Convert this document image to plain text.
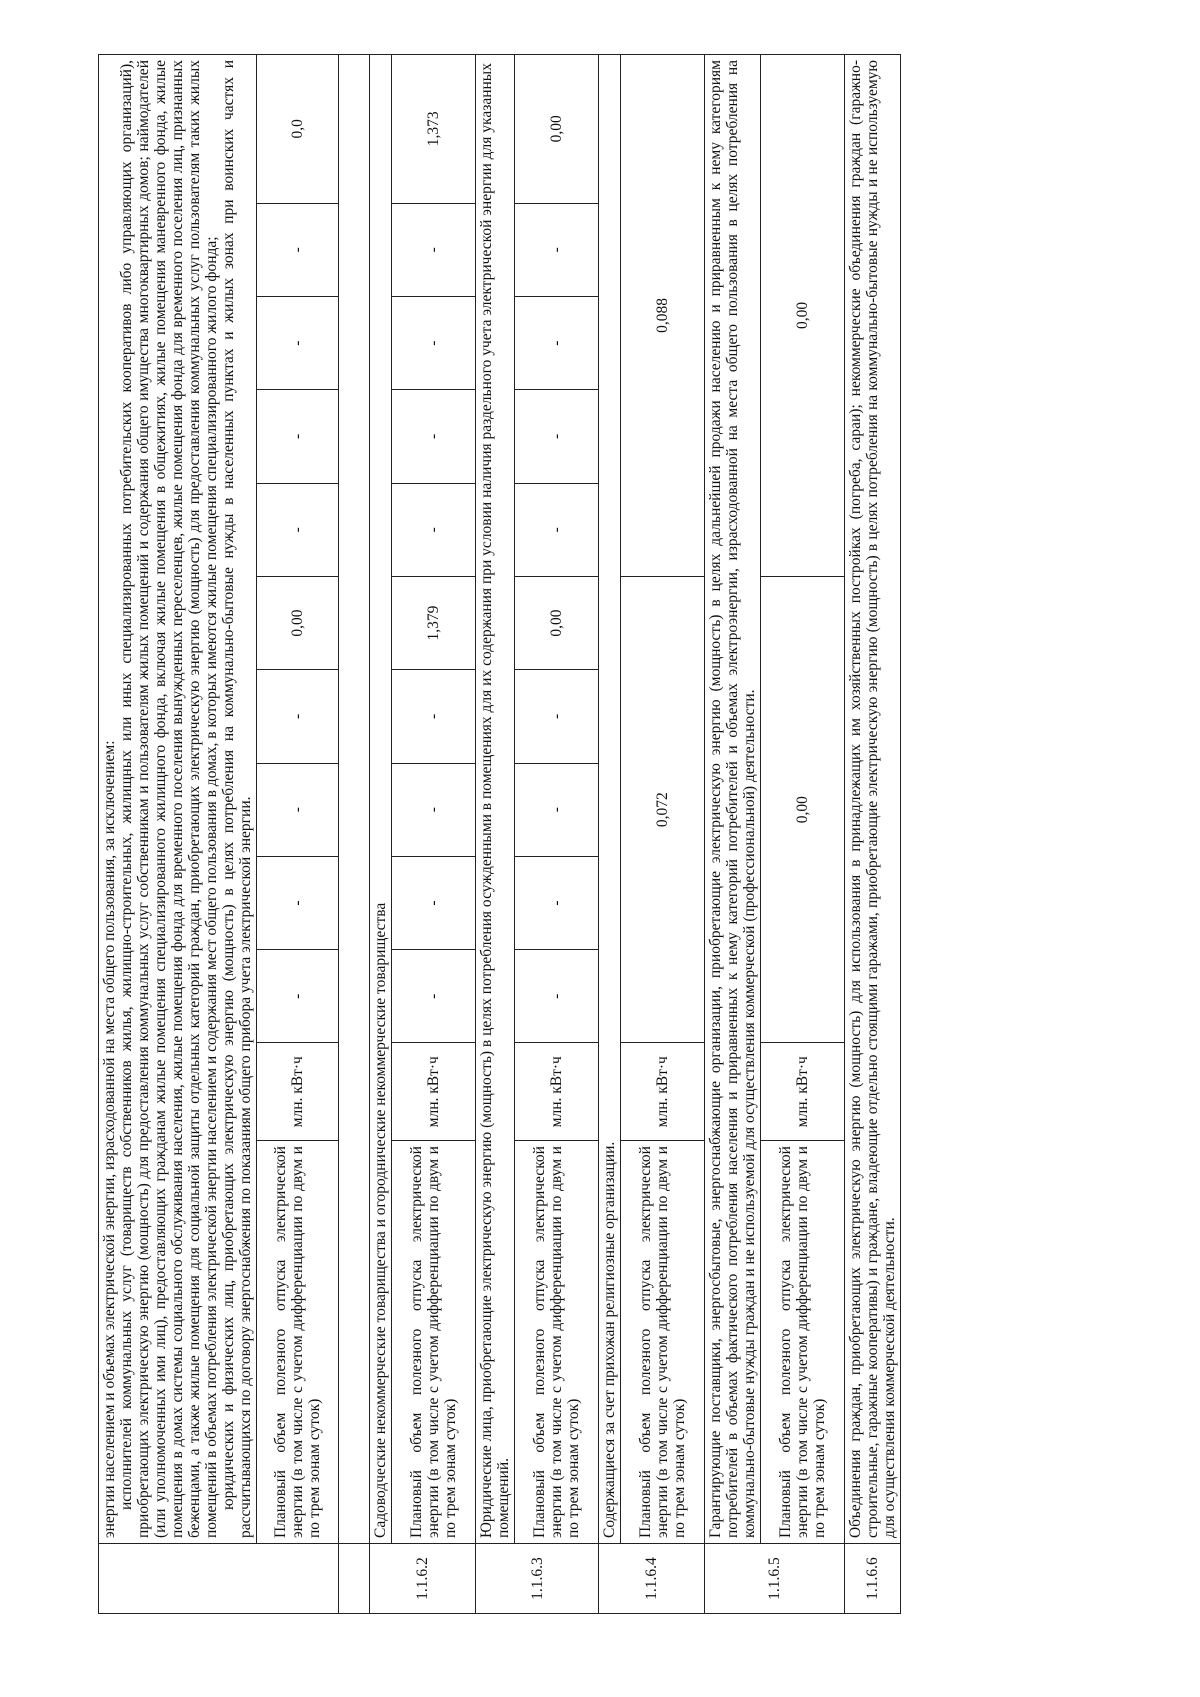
	энергии населением и объемах электрической энергии, израсходованной на места общего пользования, за исключением: исполнителей коммунальных услуг (товариществ собственников жилья, жилищно-строительных, жилищных или иных специализированных потребительских кооперативов либо управляющих организаций), приобретающих электрическую энергию (мощность) для предоставления коммунальных услуг собственникам и пользователям жилых помещений и содержания общего имущества многоквартирных домов; наймодателей (или уполномоченных ими лиц), предоставляющих гражданам жилые помещения специализированного жилищного фонда, включая жилые помещения в общежитиях, жилые помещения маневренного фонда, жилые помещения в домах системы социального обслуживания населения, жилые помещения фонда для временного поселения вынужденных переселенцев, жилые помещения фонда для временного поселения лиц, признанных беженцами, а также жилые помещения для социальной защиты отдельных категорий граждан, приобретающих электрическую энергию (мощность) для предоставления коммунальных услуг пользователям таких жилых помещений в объемах потребления электрической энергии населением и содержания мест общего пользования в домах, в которых имеются жилые помещения специализированного жилого фонда; юридических и физических лиц, приобретающих электрическую энергию (мощность) в целях потребления на коммунально-бытовые нужды в населенных пунктах и жилых зонах при воинских частях и рассчитывающихся по договору энергоснабжения по показаниям общего прибора учета электрической энергии.											

	Плановый объем полезного отпуска электрической энергии (в том числе с учетом дифференциации по двум и по трем зонам суток)	млн. кВт·ч	-	-	-	-	0,00	-	-	-	-	0,0

1.1.6.2	Садоводческие некоммерческие товарищества и огороднические некоммерческие товарищества											
	Плановый объем полезного отпуска электрической энергии (в том числе с учетом дифференциации по двум и по трем зонам суток)	млн. кВт·ч	-	-	-	-	1,379	-	-	-	-	1,373
1.1.6.3	Юридические лица, приобретающие электрическую энергию (мощность) в целях потребления осужденными в помещениях для их содержания при условии наличия раздельного учета электрической энергии для указанных помещений.											
	Плановый объем полезного отпуска электрической энергии (в том числе с учетом дифференциации по двум и по трем зонам суток)	млн. кВт·ч	-	-	-	-	0,00	-	-	-	-	0,00
1.1.6.4	Содержащиеся за счет прихожан религиозные организации.											
	Плановый объем полезного отпуска электрической энергии (в том числе с учетом дифференциации по двум и по трем зонам суток)	млн. кВт·ч	0,072					0,088				
1.1.6.5	Гарантирующие поставщики, энергосбытовые, энергоснабжающие организации, приобретающие электрическую энергию (мощность) в целях дальнейшей продажи населению и приравненным к нему категориям потребителей в объемах фактического потребления населения и приравненных к нему категорий потребителей и объемах электроэнергии, израсходованной на места общего пользования в целях потребления на коммунально-бытовые нужды граждан и не используемой для осуществления коммерческой (профессиональной) деятельности.											
	Плановый объем полезного отпуска электрической энергии (в том числе с учетом дифференциации по двум и по трем зонам суток)	млн. кВт·ч	0,00					0,00				
1.1.6.6	Объединения граждан, приобретающих электрическую энергию (мощность) для использования в принадлежащих им хозяйственных постройках (погреба, сараи); некоммерческие объединения граждан (гаражно-строительные, гаражные кооперативы) и граждане, владеющие отдельно стоящими гаражами, приобретающие электрическую энергию (мощность) в целях потребления на коммунально-бытовые нужды и не используемую для осуществления коммерческой деятельности.											
